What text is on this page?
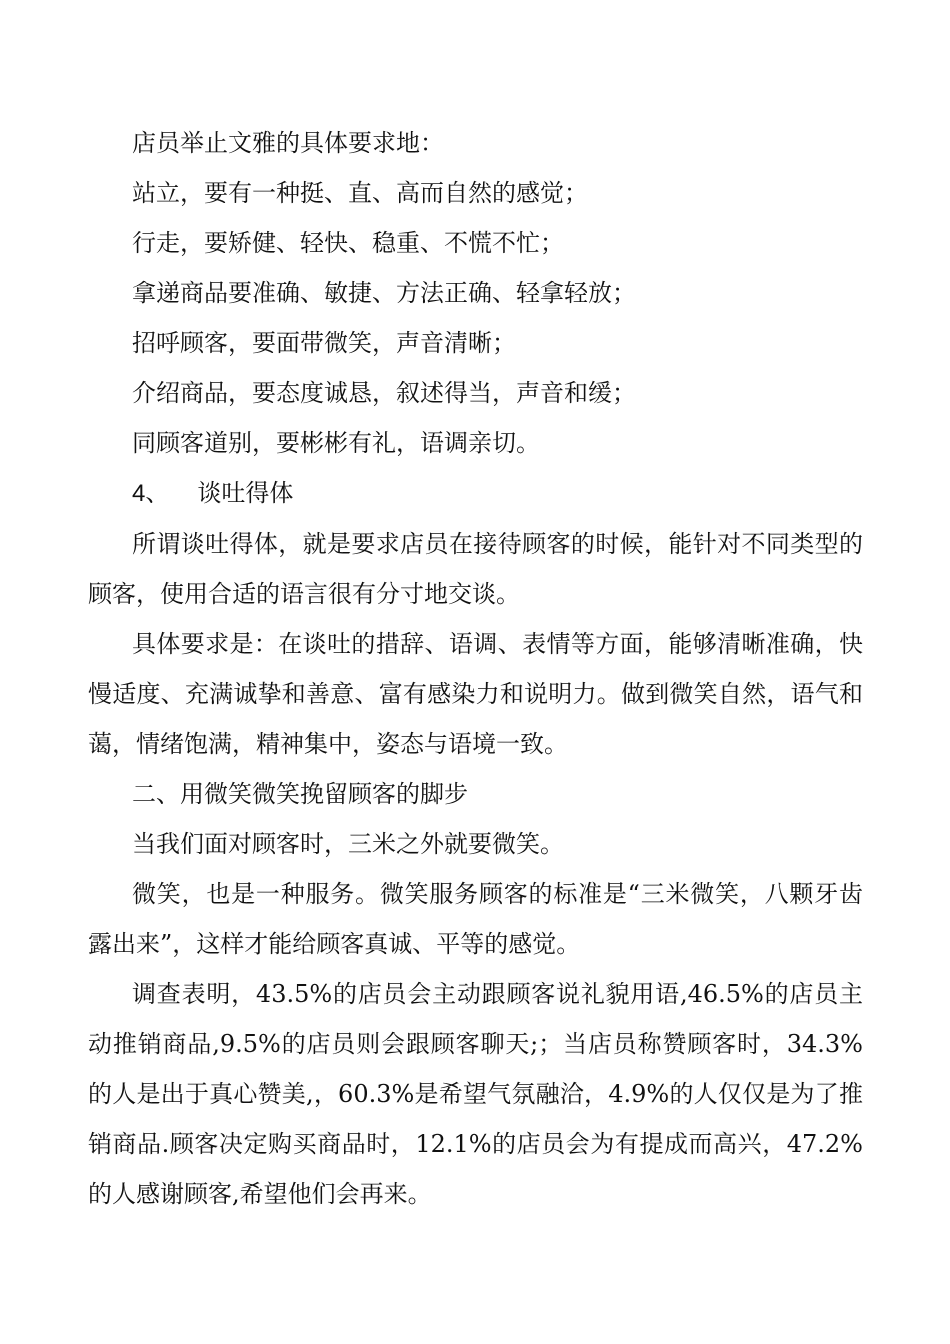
店员举止文雅的具体要求地：

站立，要有一种挺、直、高而自然的感觉；

行走，要矫健、轻快、稳重、不慌不忙；

拿递商品要准确、敏捷、方法正确、轻拿轻放；

招呼顾客，要面带微笑，声音清晰；

介绍商品，要态度诚恳，叙述得当，声音和缓；

同顾客道别，要彬彬有礼，语调亲切。

4、 谈吐得体

所谓谈吐得体，就是要求店员在接待顾客的时候，能针对不同类型的顾客，使用合适的语言很有分寸地交谈。

具体要求是：在谈吐的措辞、语调、表情等方面，能够清晰准确，快慢适度、充满诚挚和善意、富有感染力和说明力。做到微笑自然，语气和蔼，情绪饱满，精神集中，姿态与语境一致。

二、用微笑微笑挽留顾客的脚步

当我们面对顾客时，三米之外就要微笑。

微笑，也是一种服务。微笑服务顾客的标准是“三米微笑，八颗牙齿露出来”，这样才能给顾客真诚、平等的感觉。

调查表明，43.5%的店员会主动跟顾客说礼貌用语,46.5%的店员主动推销商品,9.5%的店员则会跟顾客聊天;；当店员称赞顾客时，34.3%的人是出于真心赞美,，60.3%是希望气氛融洽，4.9%的人仅仅是为了推销商品.顾客决定购买商品时，12.1%的店员会为有提成而高兴，47.2%的人感谢顾客,希望他们会再来。
